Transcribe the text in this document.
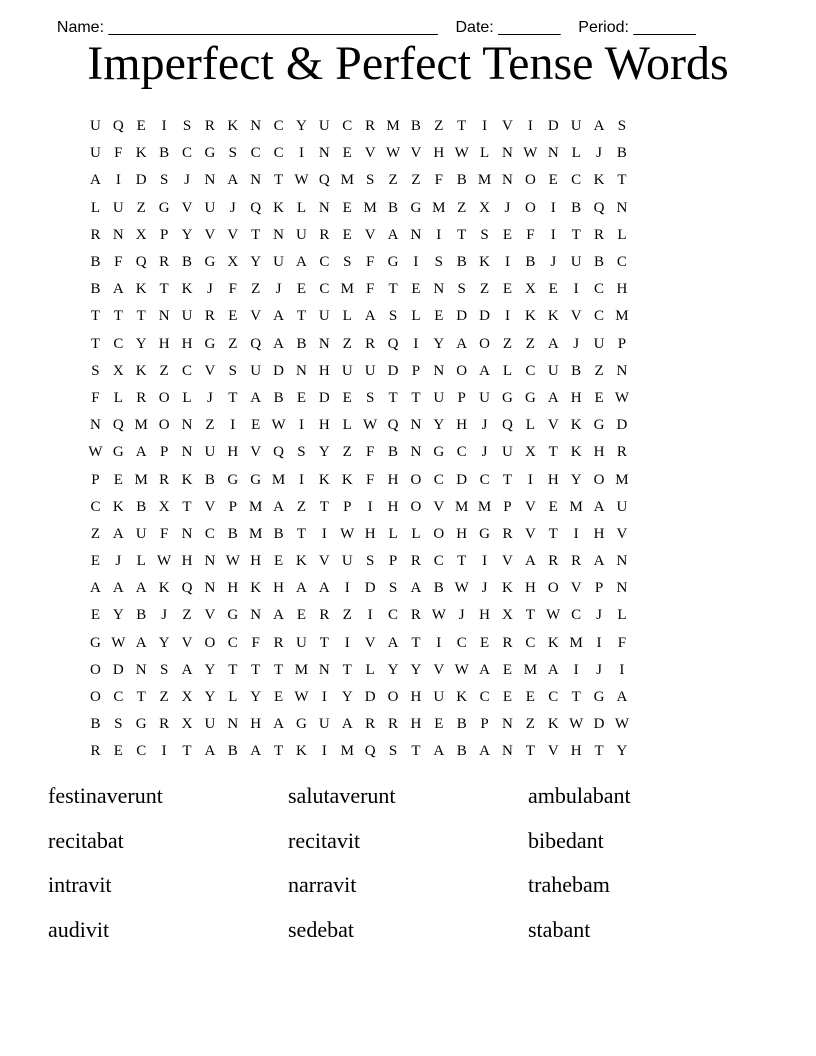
Name: _____________________________________ Date: _______ Period: _______

Imperfect & Perfect Tense Words
U Q E	I	S R K N C Y U C R M B Z T	I V I D U A S
U F K B C G S C C	I N E V W V H W L N W N L	J B
A I D S	J N A N T W Q M S Z Z F B M N O E C K T
L U Z G V U J Q K L N E M B G M Z X J O I	B Q N
R N X P Y V V T N U R E V A N I	T S E F	I	T R L
B F Q R B G X Y U A C S F G I	S B K I	B J U B C
B A K T K J	F Z	J	E C M F T E N S Z E X E	I	C H
T T T N U R E V A T U L A S L E D D I K K V C M
T C Y H H G Z Q A B N Z R Q I Y A O Z Z A J U P
S X K Z C V S U D N H U U D P N O A L C U B Z N
F L R O L	J	T A B E D E S T T U P U G G A H E W
N Q M O N Z	I	E W I H L W Q N Y H J Q L V K G D
W G A P N U H V Q S Y Z F B N G C J U X T K H R
P E M R K B G G M I K K F H O C D C T	I H Y O M
C K B X T V P M A Z T P	I H O V M M P V E M A U
Z A U F N C B M B T	I W H L L O H G R V T	I H V
E	J	L W H N W H E K V U S P R C T	I V A R R A N
A A A K Q N H K H A A I D S A B W J K H O V P N
E Y B J	Z V G N A E R Z	I	C R W J H X T W C J	L
G W A Y V O C F R U T	I V A T	I	C E R C K M I	F
O D N S A Y T T T M N T L Y Y V W A E M A I	J	I
O C T Z X Y L Y E W I Y D O H U K C E E C T G A
B S G R X U N H A G U A R R H E B P N Z K W D W
R E C	I	T A B A T K I M Q S T A B A N T V H T Y
festinaverunt	salutaverunt	ambulabant
recitabat	recitavit	bibedant
intravit	narravit	trahebam
audivit	sedebat	stabant
